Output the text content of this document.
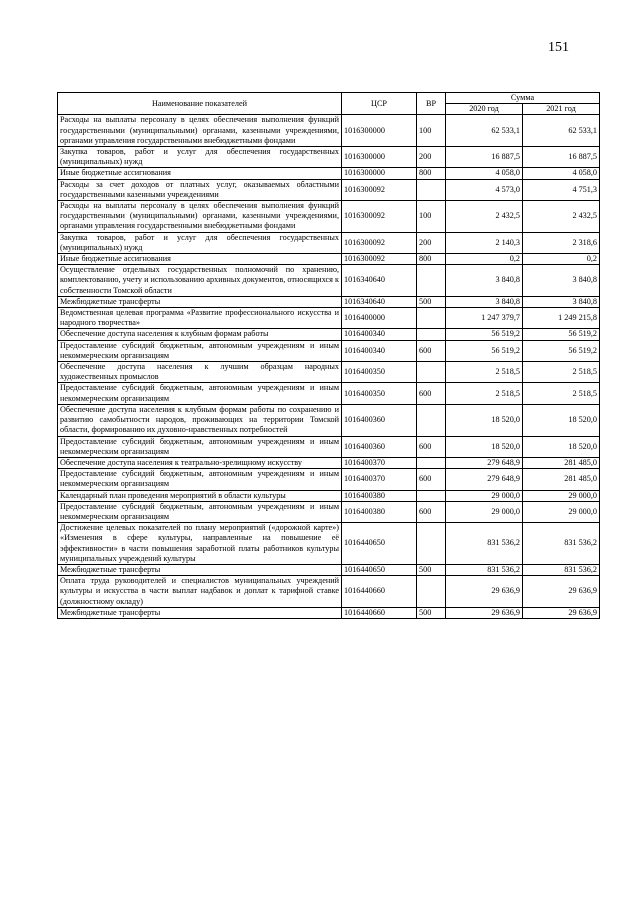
151
Наименование показателей	ЦСР	ВР	Сумма	
			2020 год	2021 год
Расходы на выплаты персоналу в целях обеспечения выполнения функций государственными (муниципальными) органами, казенными учреждениями, органами управления государственными внебюджетными фондами	1016300000	100	62 533,1	62 533,1
Закупка товаров, работ и услуг для обеспечения государственных (муниципальных) нужд	1016300000	200	16 887,5	16 887,5
Иные бюджетные ассигнования	1016300000	800	4 058,0	4 058,0
Расходы за счет доходов от платных услуг, оказываемых областными государственными казенными учреждениями	1016300092		4 573,0	4 751,3
Расходы на выплаты персоналу в целях обеспечения выполнения функций государственными (муниципальными) органами, казенными учреждениями, органами управления государственными внебюджетными фондами	1016300092	100	2 432,5	2 432,5
Закупка товаров, работ и услуг для обеспечения государственных (муниципальных) нужд	1016300092	200	2 140,3	2 318,6
Иные бюджетные ассигнования	1016300092	800	0,2	0,2
Осуществление отдельных государственных полномочий по хранению, комплектованию, учету и использованию архивных документов, относящихся к собственности Томской области	1016340640		3 840,8	3 840,8
Межбюджетные трансферты	1016340640	500	3 840,8	3 840,8
Ведомственная целевая программа «Развитие профессионального искусства и народного творчества»	1016400000		1 247 379,7	1 249 215,8
Обеспечение доступа населения к клубным формам работы	1016400340		56 519,2	56 519,2
Предоставление субсидий бюджетным, автономным учреждениям и иным некоммерческим организациям	1016400340	600	56 519,2	56 519,2
Обеспечение доступа населения к лучшим образцам народных художественных промыслов	1016400350		2 518,5	2 518,5
Предоставление субсидий бюджетным, автономным учреждениям и иным некоммерческим организациям	1016400350	600	2 518,5	2 518,5
Обеспечение доступа населения к клубным формам работы по сохранению и развитию самобытности народов, проживающих на территории Томской области, формированию их духовно-нравственных потребностей	1016400360		18 520,0	18 520,0
Предоставление субсидий бюджетным, автономным учреждениям и иным некоммерческим организациям	1016400360	600	18 520,0	18 520,0
Обеспечение доступа населения к театрально-зрелищному искусству	1016400370		279 648,9	281 485,0
Предоставление субсидий бюджетным, автономным учреждениям и иным некоммерческим организациям	1016400370	600	279 648,9	281 485,0
Календарный план проведения мероприятий в области культуры	1016400380		29 000,0	29 000,0
Предоставление субсидий бюджетным, автономным учреждениям и иным некоммерческим организациям	1016400380	600	29 000,0	29 000,0
Достижение целевых показателей по плану мероприятий («дорожной карте») «Изменения в сфере культуры, направленные на повышение её эффективности» в части повышения заработной платы работников культуры муниципальных учреждений культуры	1016440650		831 536,2	831 536,2
Межбюджетные трансферты	1016440650	500	831 536,2	831 536,2
Оплата труда руководителей и специалистов муниципальных учреждений культуры и искусства в части выплат надбавок и доплат к тарифной ставке (должностному окладу)	1016440660		29 636,9	29 636,9
Межбюджетные трансферты	1016440660	500	29 636,9	29 636,9
